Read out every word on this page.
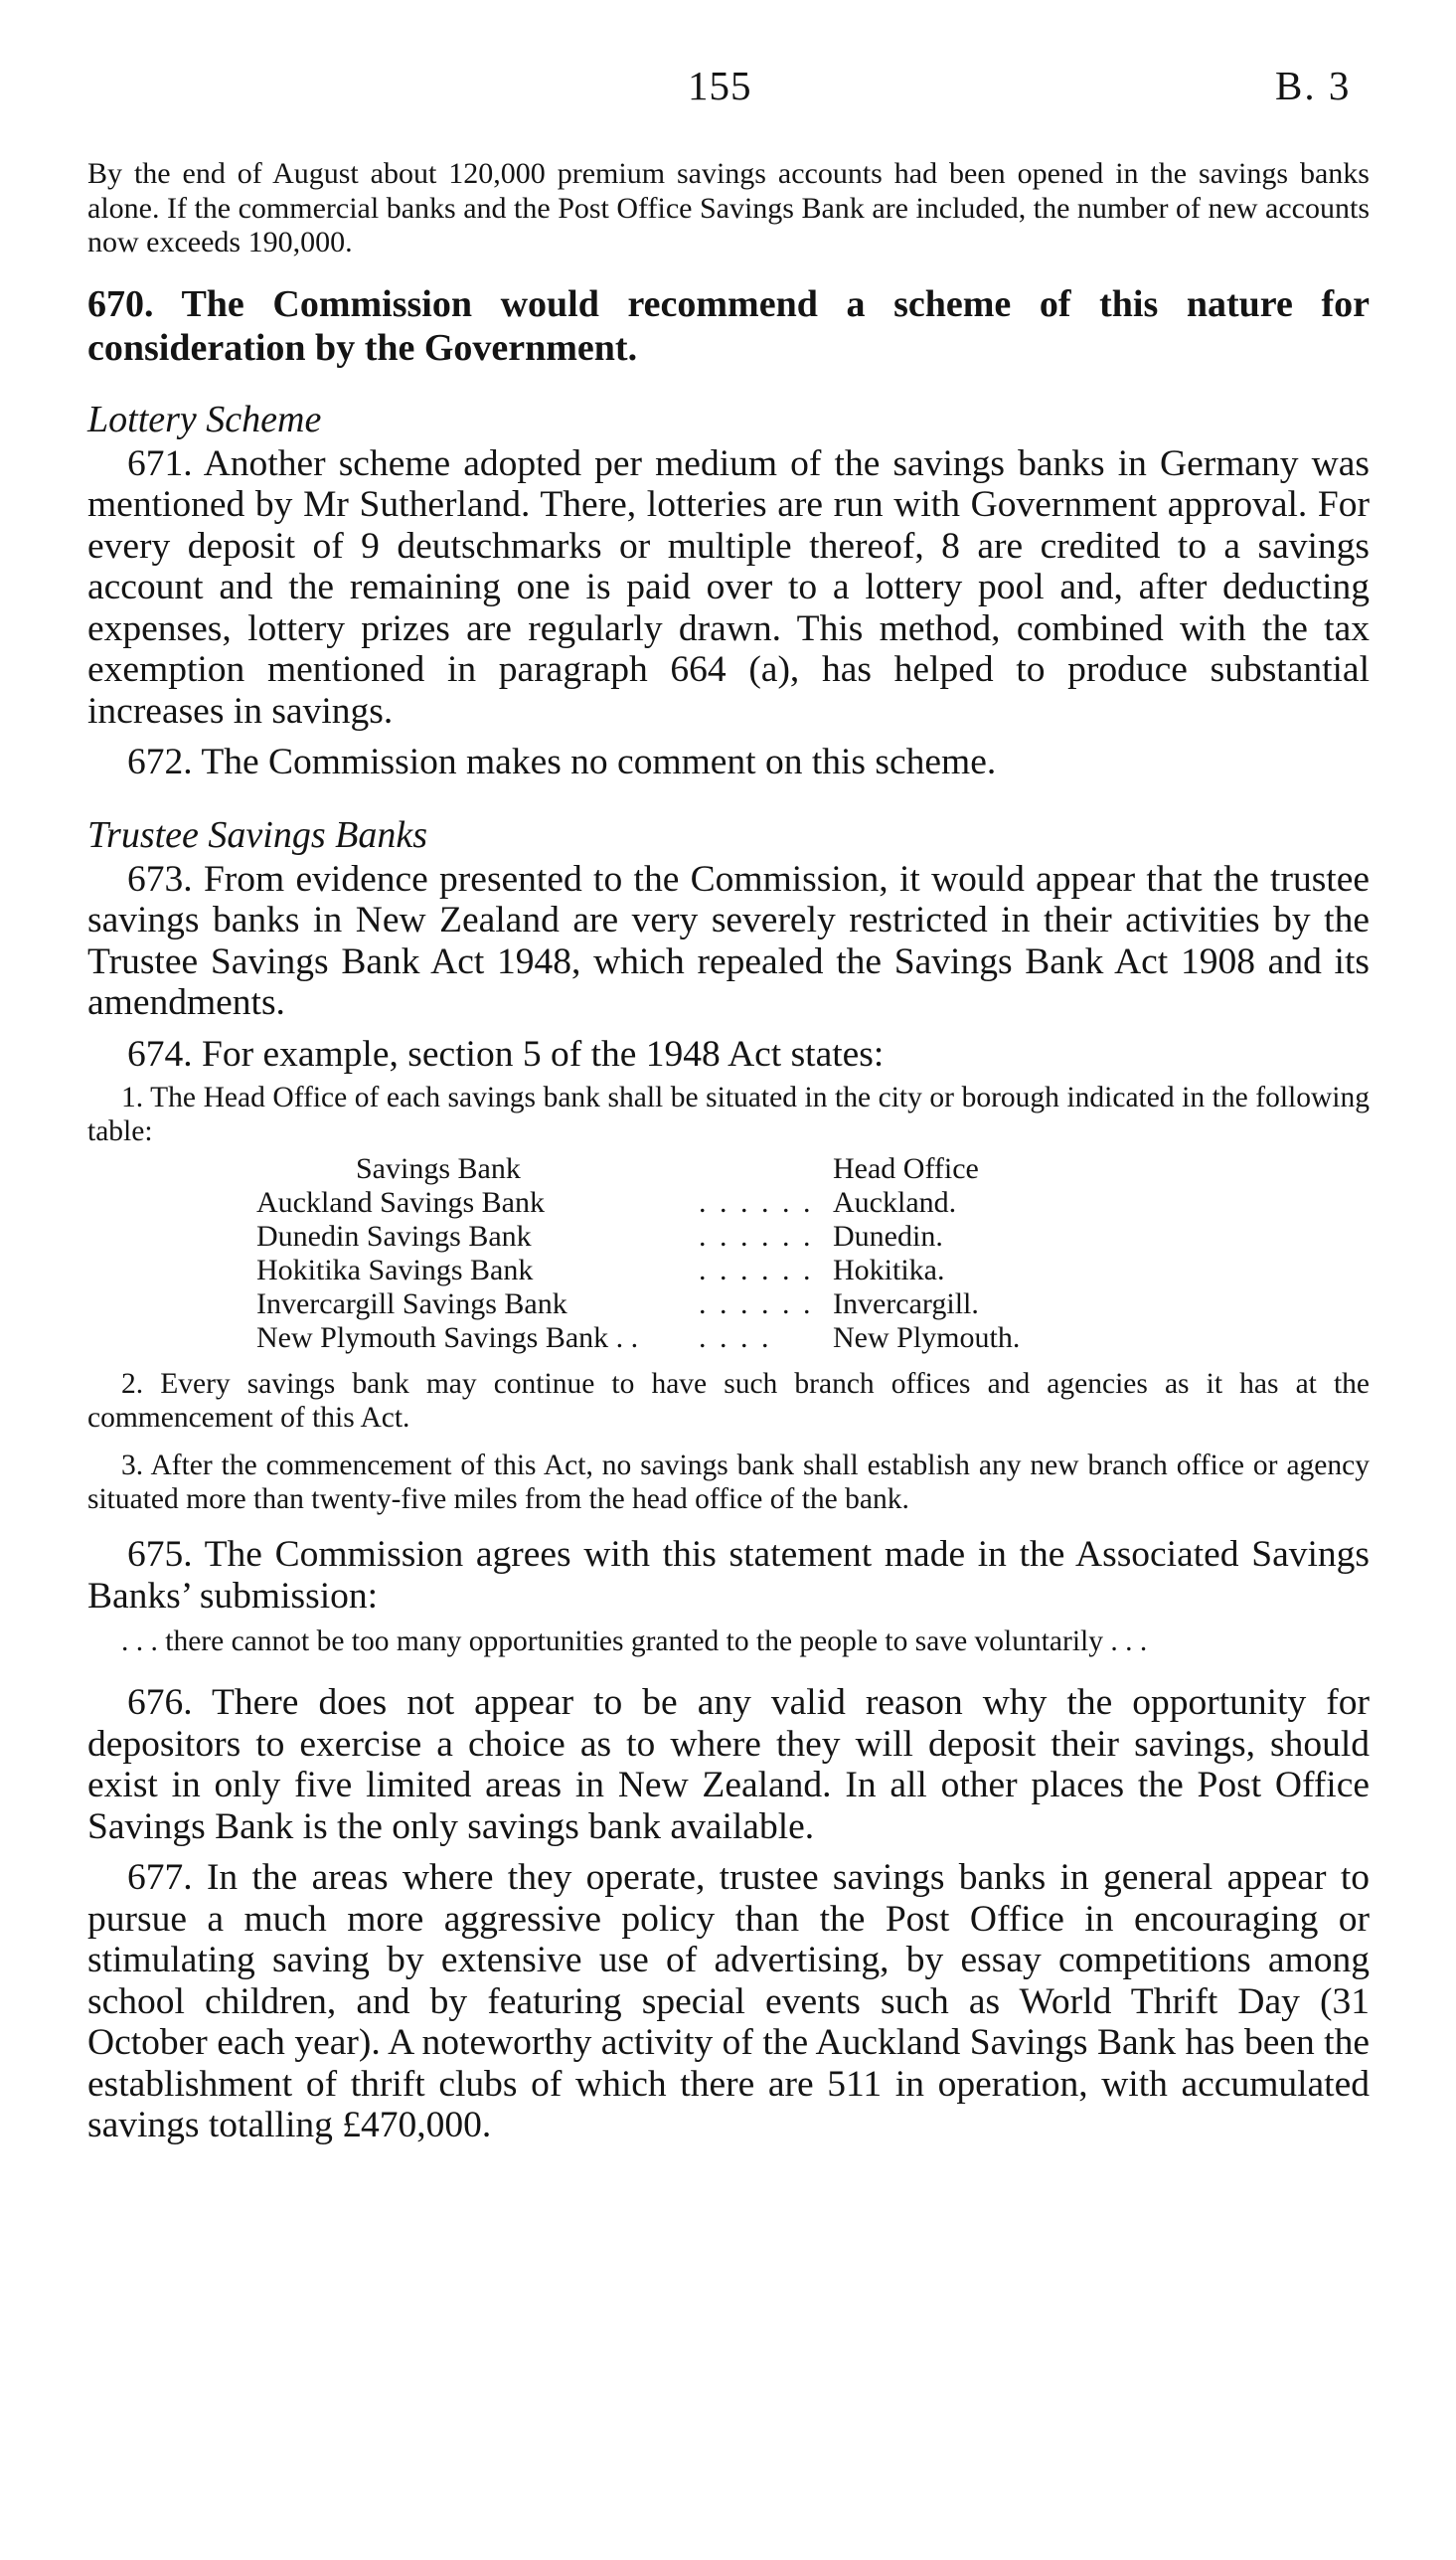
155	B. 3

By the end of August about 120,000 premium savings accounts had been opened in the savings banks alone. If the commercial banks and the Post Office Savings Bank are included, the number of new accounts now exceeds 190,000.

670. The Commission would recommend a scheme of this nature for consideration by the Government.

Lottery Scheme

671. Another scheme adopted per medium of the savings banks in Germany was mentioned by Mr Sutherland. There, lotteries are run with Government approval. For every deposit of 9 deutschmarks or multiple thereof, 8 are credited to a savings account and the remaining one is paid over to a lottery pool and, after deducting expenses, lottery prizes are regularly drawn. This method, combined with the tax exemption mentioned in paragraph 664 (a), has helped to produce substantial increases in savings.

672. The Commission makes no comment on this scheme.

Trustee Savings Banks

673. From evidence presented to the Commission, it would appear that the trustee savings banks in New Zealand are very severely restricted in their activities by the Trustee Savings Bank Act 1948, which repealed the Savings Bank Act 1908 and its amendments.

674. For example, section 5 of the 1948 Act states:

1. The Head Office of each savings bank shall be situated in the city or borough indicated in the following table:

Savings Bank		Head Office
Auckland Savings Bank	. . . . . .	Auckland.
Dunedin Savings Bank	. . . . . .	Dunedin.
Hokitika Savings Bank	. . . . . .	Hokitika.
Invercargill Savings Bank	. . . . . .	Invercargill.
New Plymouth Savings Bank . .	. . . .	New Plymouth.

2. Every savings bank may continue to have such branch offices and agencies as it has at the commencement of this Act.

3. After the commencement of this Act, no savings bank shall establish any new branch office or agency situated more than twenty-five miles from the head office of the bank.

675. The Commission agrees with this statement made in the Associated Savings Banks’ submission:

. . . there cannot be too many opportunities granted to the people to save voluntarily . . .

676. There does not appear to be any valid reason why the opportunity for depositors to exercise a choice as to where they will deposit their savings, should exist in only five limited areas in New Zealand. In all other places the Post Office Savings Bank is the only savings bank available.

677. In the areas where they operate, trustee savings banks in general appear to pursue a much more aggressive policy than the Post Office in encouraging or stimulating saving by extensive use of advertising, by essay competitions among school children, and by featuring special events such as World Thrift Day (31 October each year). A noteworthy activity of the Auckland Savings Bank has been the establishment of thrift clubs of which there are 511 in operation, with accumulated savings totalling £470,000.
